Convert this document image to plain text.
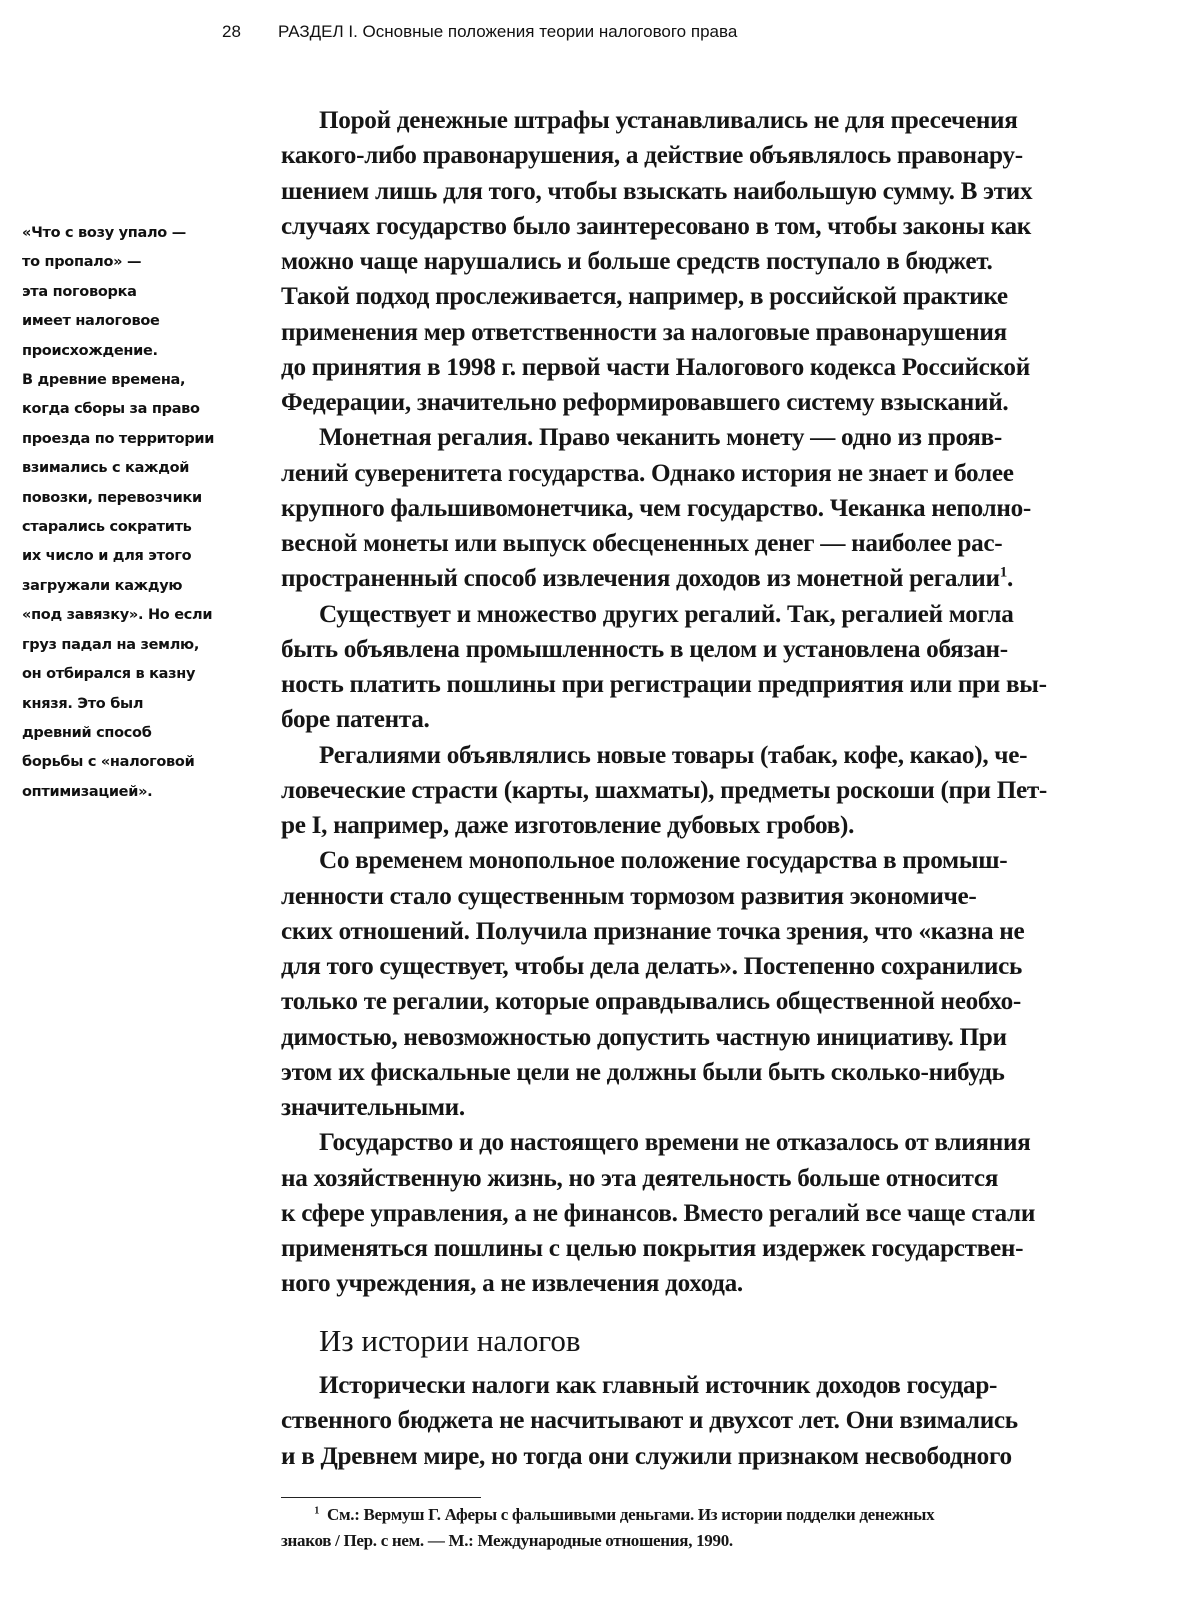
28 РАЗДЕЛ I. Основные положения теории налогового права
«Что с возу упало —
то пропало» —
эта поговорка
имеет налоговое
происхождение.
В древние времена,
когда сборы за право
проезда по территории
взимались с каждой
повозки, перевозчики
старались сократить
их число и для этого
загружали каждую
«под завязку». Но если
груз падал на землю,
он отбирался в казну
князя. Это был
древний способ
борьбы с «налоговой
оптимизацией».

Порой денежные штрафы устанавливались не для пресечения
какого-либо правонарушения, а действие объявлялось правонару-
шением лишь для того, чтобы взыскать наибольшую сумму. В этих
случаях государство было заинтересовано в том, чтобы законы как
можно чаще нарушались и больше средств поступало в бюджет.
Такой подход прослеживается, например, в российской практике
применения мер ответственности за налоговые правонарушения
до принятия в 1998 г. первой части Налогового кодекса Российской
Федерации, значительно реформировавшего систему взысканий.

Монетная регалия. Право чеканить монету — одно из прояв-
лений суверенитета государства. Однако история не знает и более
крупного фальшивомонетчика, чем государство. Чеканка неполно-
весной монеты или выпуск обесцененных денег — наиболее рас-
пространенный способ извлечения доходов из монетной регалии$^1$.

Существует и множество других регалий. Так, регалией могла
быть объявлена промышленность в целом и установлена обязан-
ность платить пошлины при регистрации предприятия или при вы-
боре патента.

Регалиями объявлялись новые товары (табак, кофе, какао), че-
ловеческие страсти (карты, шахматы), предметы роскоши (при Пет-
ре I, например, даже изготовление дубовых гробов).

Со временем монопольное положение государства в промыш-
ленности стало существенным тормозом развития экономиче-
ских отношений. Получила признание точка зрения, что «казна не
для того существует, чтобы дела делать». Постепенно сохранились
только те регалии, которые оправдывались общественной необхо-
димостью, невозможностью допустить частную инициативу. При
этом их фискальные цели не должны были быть сколько-нибудь
значительными.

Государство и до настоящего времени не отказалось от влияния
на хозяйственную жизнь, но эта деятельность больше относится
к сфере управления, а не финансов. Вместо регалий все чаще стали
применяться пошлины с целью покрытия издержек государствен-
ного учреждения, а не извлечения дохода.

Из истории налогов

Исторически налоги как главный источник доходов государ-
ственного бюджета не насчитывают и двухсот лет. Они взимались
и в Древнем мире, но тогда они служили признаком несвободного

$^1$ См.: Вермуш Г. Аферы с фальшивыми деньгами. Из истории подделки денежных
знаков / Пер. с нем. — М.: Международные отношения, 1990.
